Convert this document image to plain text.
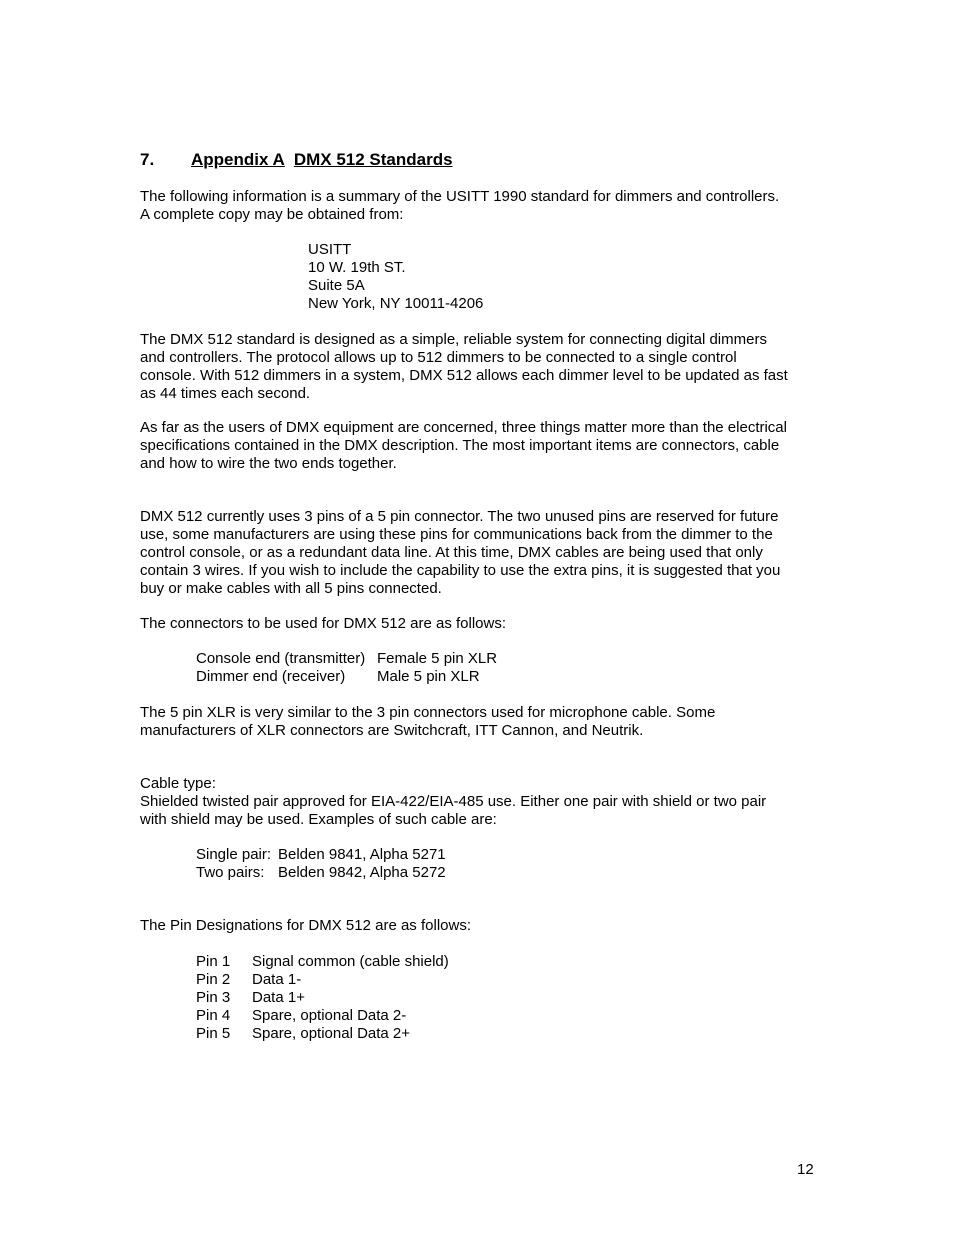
7. Appendix A DMX 512 Standards
The following information is a summary of the USITT 1990 standard for dimmers and controllers.
A complete copy may be obtained from:
USITT
10 W. 19th ST.
Suite 5A
New York, NY 10011-4206
The DMX 512 standard is designed as a simple, reliable system for connecting digital dimmers
and controllers. The protocol allows up to 512 dimmers to be connected to a single control
console. With 512 dimmers in a system, DMX 512 allows each dimmer level to be updated as fast
as 44 times each second.
As far as the users of DMX equipment are concerned, three things matter more than the electrical
specifications contained in the DMX description. The most important items are connectors, cable
and how to wire the two ends together.
DMX 512 currently uses 3 pins of a 5 pin connector. The two unused pins are reserved for future
use, some manufacturers are using these pins for communications back from the dimmer to the
control console, or as a redundant data line. At this time, DMX cables are being used that only
contain 3 wires. If you wish to include the capability to use the extra pins, it is suggested that you
buy or make cables with all 5 pins connected.
The connectors to be used for DMX 512 are as follows:
Console end (transmitter) Female 5 pin XLR
Dimmer end (receiver) Male 5 pin XLR
The 5 pin XLR is very similar to the 3 pin connectors used for microphone cable. Some
manufacturers of XLR connectors are Switchcraft, ITT Cannon, and Neutrik.
Cable type:
Shielded twisted pair approved for EIA-422/EIA-485 use. Either one pair with shield or two pair
with shield may be used. Examples of such cable are:
Single pair: Belden 9841, Alpha 5271
Two pairs: Belden 9842, Alpha 5272
The Pin Designations for DMX 512 are as follows:
Pin 1 Signal common (cable shield)
Pin 2 Data 1-
Pin 3 Data 1+
Pin 4 Spare, optional Data 2-
Pin 5 Spare, optional Data 2+
12
